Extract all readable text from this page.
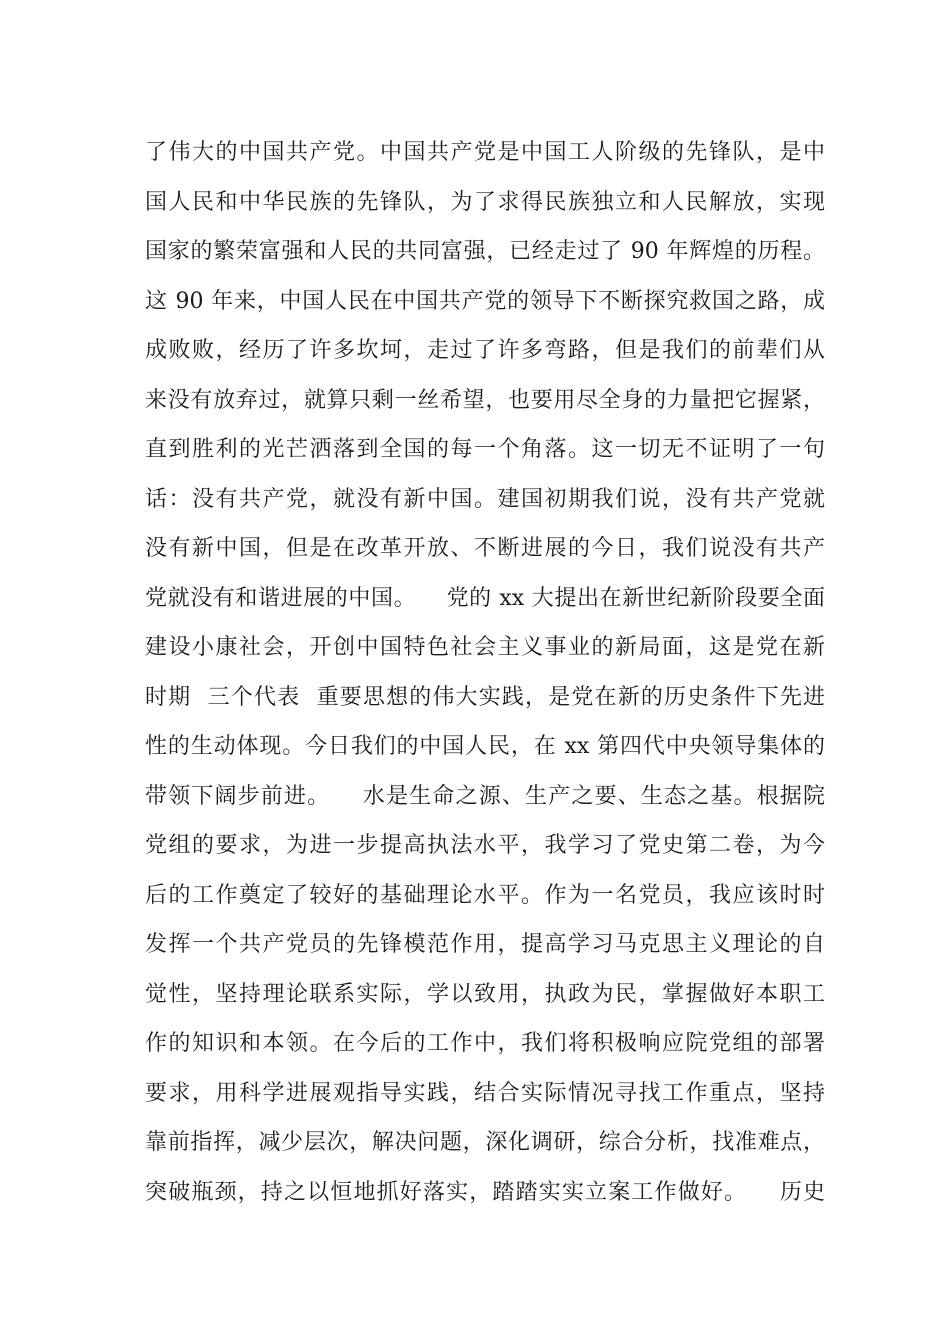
了伟大的中国共产党。中国共产党是中国工人阶级的先锋队，是中
国人民和中华民族的先锋队，为了求得民族独立和人民解放，实现
国家的繁荣富强和人民的共同富强，已经走过了 90 年辉煌的历程。
这 90 年来，中国人民在中国共产党的领导下不断探究救国之路，成
成败败，经历了许多坎坷，走过了许多弯路，但是我们的前辈们从
来没有放弃过，就算只剩一丝希望，也要用尽全身的力量把它握紧，
直到胜利的光芒洒落到全国的每一个角落。这一切无不证明了一句
话：没有共产党，就没有新中国。建国初期我们说，没有共产党就
没有新中国，但是在改革开放、不断进展的今日，我们说没有共产
党就没有和谐进展的中国。    党的 xx 大提出在新世纪新阶段要全面
建设小康社会，开创中国特色社会主义事业的新局面，这是党在新
时期  三个代表  重要思想的伟大实践，是党在新的历史条件下先进
性的生动体现。今日我们的中国人民，在 xx 第四代中央领导集体的
带领下阔步前进。    水是生命之源、生产之要、生态之基。根据院
党组的要求，为进一步提高执法水平，我学习了党史第二卷，为今
后的工作奠定了较好的基础理论水平。作为一名党员，我应该时时
发挥一个共产党员的先锋模范作用，提高学习马克思主义理论的自
觉性，坚持理论联系实际，学以致用，执政为民，掌握做好本职工
作的知识和本领。在今后的工作中，我们将积极响应院党组的部署
要求，用科学进展观指导实践，结合实际情况寻找工作重点，坚持
靠前指挥，减少层次，解决问题，深化调研，综合分析，找准难点，
突破瓶颈，持之以恒地抓好落实，踏踏实实立案工作做好。    历史
